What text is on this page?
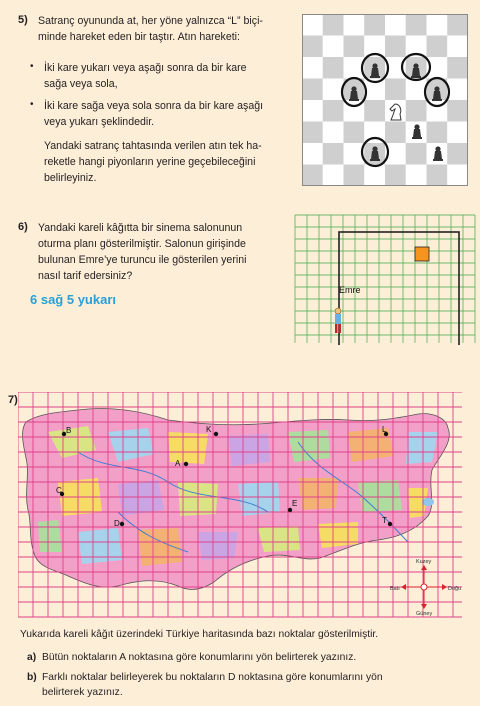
5) Satranç oyununda at, her yöne yalnızca “L” biçi-
minde hareket eden bir taştır. Atın hareketi:
• İki kare yukarı veya aşağı sonra da bir kare
sağa veya sola,
• İki kare sağa veya sola sonra da bir kare aşağı
veya yukarı şeklindedir.
Yandaki satranç tahtasında verilen atın tek ha-
reketle hangi piyonların yerine geçebileceğini
belirleyiniz.
6) Yandaki kareli kâğıtta bir sinema salonunun
oturma planı gösterilmiştir. Salonun girişinde
bulunan Emre’ye turuncu ile gösterilen yerini
nasıl tarif edersiniz?
6 sağ 5 yukarı
Emre
7)
B	K	L
A
C
D
E
T
Kuzey
Güney
Batı	Doğu
Yukarıda kareli kâğıt üzerindeki Türkiye haritasında bazı noktalar gösterilmiştir.
a) Bütün noktaların A noktasına göre konumlarını yön belirterek yazınız.
b) Farklı noktalar belirleyerek bu noktaların D noktasına göre konumlarını yön
belirterek yazınız.
